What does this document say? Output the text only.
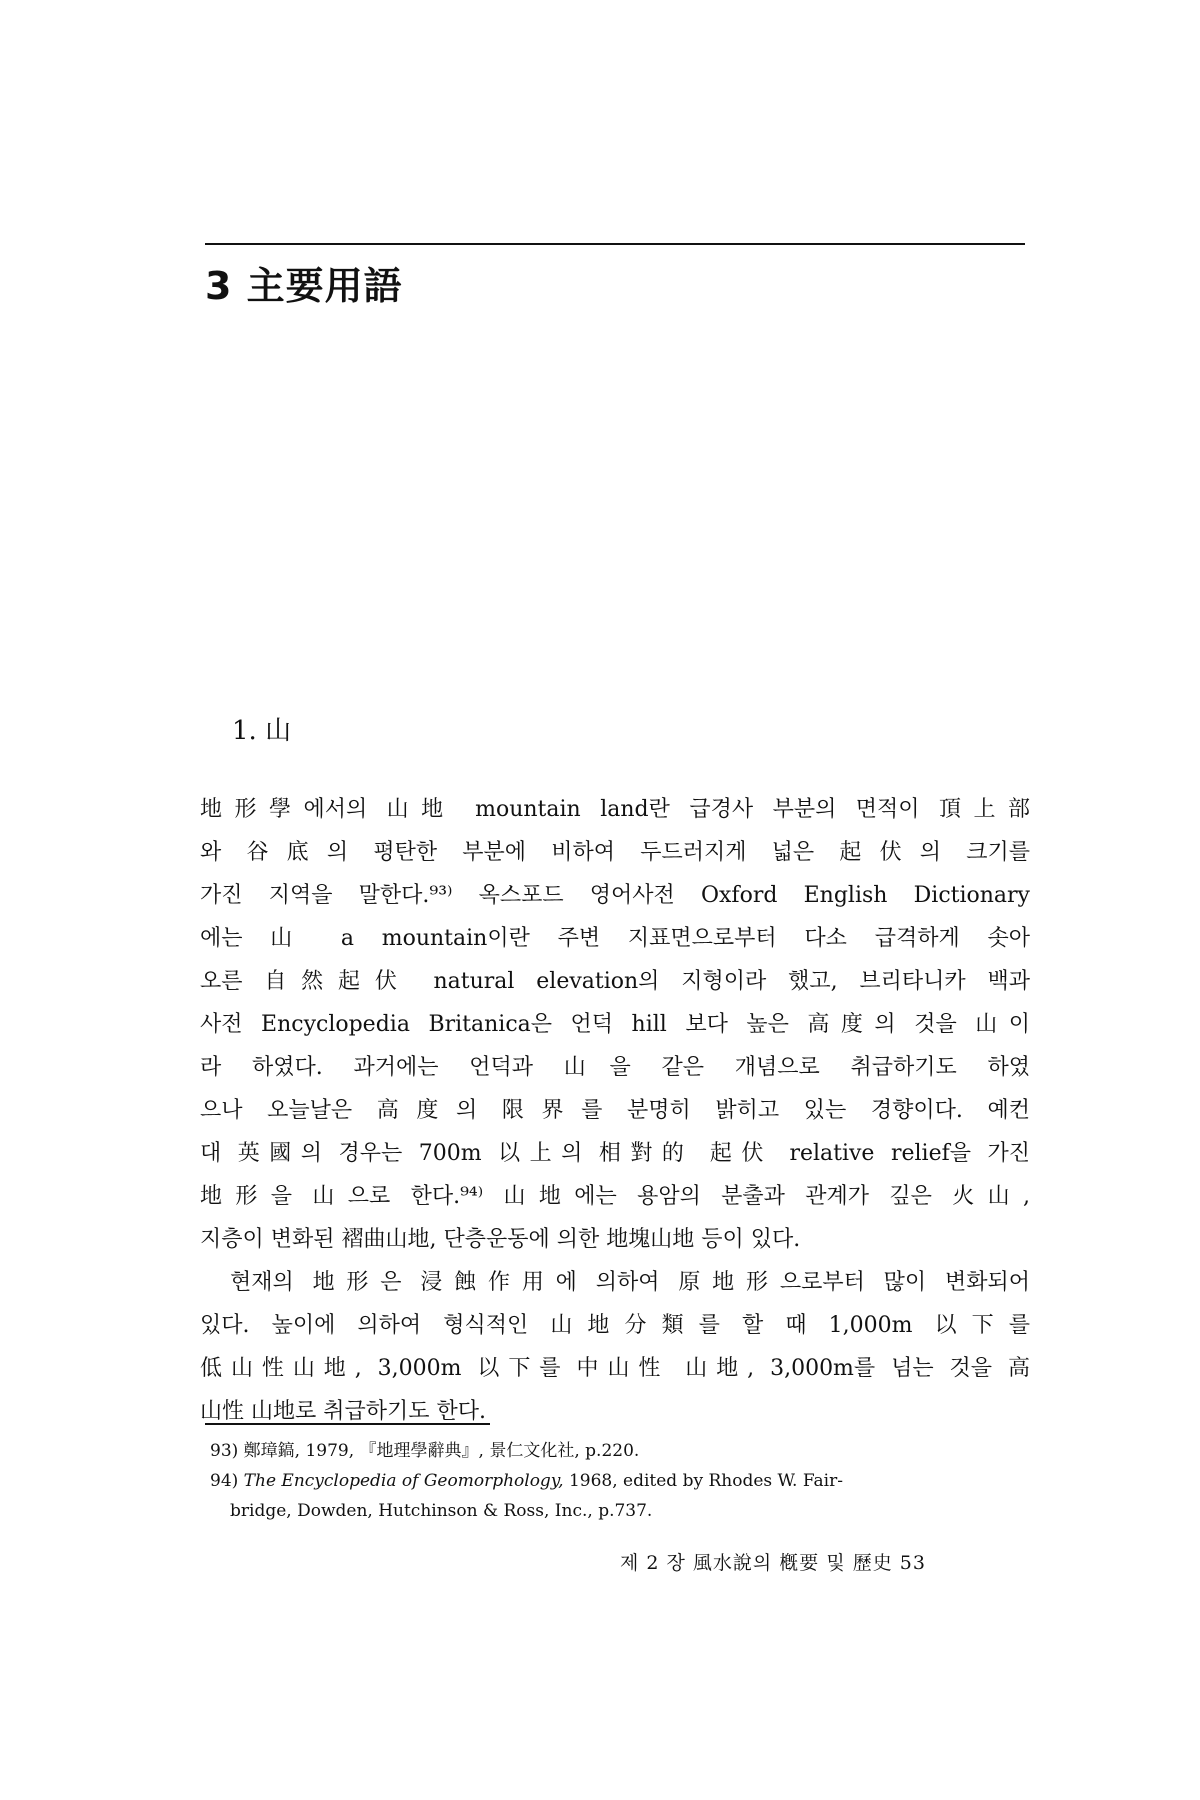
3 主要用語
1. 山
地形學에서의 山地 mountain land란 급경사 부분의 면적이 頂上部
와 谷底의 평탄한 부분에 비하여 두드러지게 넓은 起伏의 크기를
가진 지역을 말한다.⁹³⁾ 옥스포드 영어사전 Oxford English Dictionary
에는 山 a mountain이란 주변 지표면으로부터 다소 급격하게 솟아
오른 自然起伏 natural elevation의 지형이라 했고, 브리타니카 백과
사전 Encyclopedia Britanica은 언덕 hill 보다 높은 高度의 것을 山이
라 하였다. 과거에는 언덕과 山을 같은 개념으로 취급하기도 하였
으나 오늘날은 高度의 限界를 분명히 밝히고 있는 경향이다. 예컨
대 英國의 경우는 700m 以上의 相對的 起伏 relative relief을 가진
地形을 山으로 한다.⁹⁴⁾ 山地에는 용암의 분출과 관계가 깊은 火山,
지층이 변화된 褶曲山地, 단층운동에 의한 地塊山地 등이 있다.
현재의 地形은 浸蝕作用에 의하여 原地形으로부터 많이 변화되어
있다. 높이에 의하여 형식적인 山地分類를 할 때 1,000m 以下를
低山性山地, 3,000m 以下를 中山性 山地, 3,000m를 넘는 것을 高
山性 山地로 취급하기도 한다.
93) 鄭璋鎬, 1979, 『地理學辭典』, 景仁文化社, p.220.
94) The Encyclopedia of Geomorphology, 1968, edited by Rhodes W. Fair-
bridge, Dowden, Hutchinson & Ross, Inc., p.737.
제 2 장 風水說의 槪要 및 歷史 53
